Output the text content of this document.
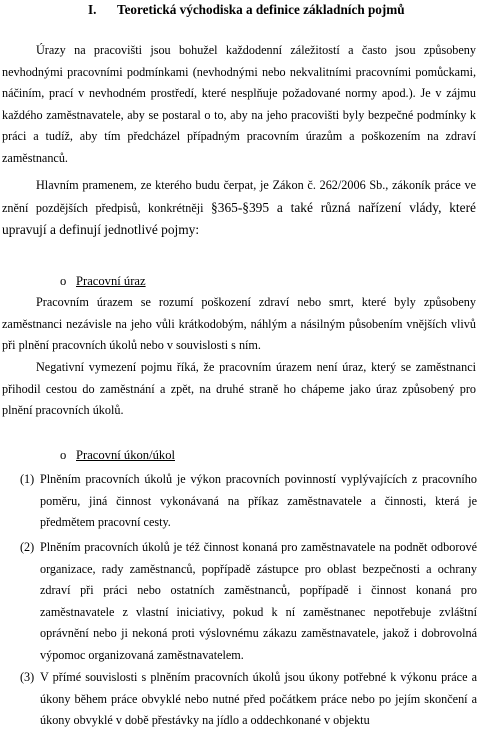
I. Teoretická východiska a definice základních pojmů

Úrazy na pracovišti jsou bohužel každodenní záležitostí a často jsou způsobeny nevhodnými pracovními podmínkami (nevhodnými nebo nekvalitními pracovními pomůckami, náčiním, prací v nevhodném prostředí, které nesplňuje požadované normy apod.). Je v zájmu každého zaměstnavatele, aby se postaral o to, aby na jeho pracovišti byly bezpečné podmínky k práci a tudíž, aby tím předcházel případným pracovním úrazům a poškozením na zdraví zaměstnanců.

Hlavním pramenem, ze kterého budu čerpat, je Zákon č. 262/2006 Sb., zákoník práce ve znění pozdějších předpisů, konkrétněji §365-§395 a také různá nařízení vlády, které upravují a definují jednotlivé pojmy:

o Pracovní úraz

Pracovním úrazem se rozumí poškození zdraví nebo smrt, které byly způsobeny zaměstnanci nezávisle na jeho vůli krátkodobým, náhlým a násilným působením vnějších vlivů při plnění pracovních úkolů nebo v souvislosti s ním.

Negativní vymezení pojmu říká, že pracovním úrazem není úraz, který se zaměstnanci přihodil cestou do zaměstnání a zpět, na druhé straně ho chápeme jako úraz způsobený pro plnění pracovních úkolů.

o Pracovní úkon/úkol
(1) Plněním pracovních úkolů je výkon pracovních povinností vyplývajících z pracovního poměru, jiná činnost vykonávaná na příkaz zaměstnavatele a činnosti, která je předmětem pracovní cesty.

(2) Plněním pracovních úkolů je též činnost konaná pro zaměstnavatele na podnět odborové organizace, rady zaměstnanců, popřípadě zástupce pro oblast bezpečnosti a ochrany zdraví při práci nebo ostatních zaměstnanců, popřípadě i činnost konaná pro zaměstnavatele z vlastní iniciativy, pokud k ní zaměstnanec nepotřebuje zvláštní oprávnění nebo ji nekoná proti výslovnému zákazu zaměstnavatele, jakož i dobrovolná výpomoc organizovaná zaměstnavatelem.

(3) V přímé souvislosti s plněním pracovních úkolů jsou úkony potřebné k výkonu práce a úkony během práce obvyklé nebo nutné před počátkem práce nebo po jejím skončení a úkony obvyklé v době přestávky na jídlo a oddechkonané v objektu
